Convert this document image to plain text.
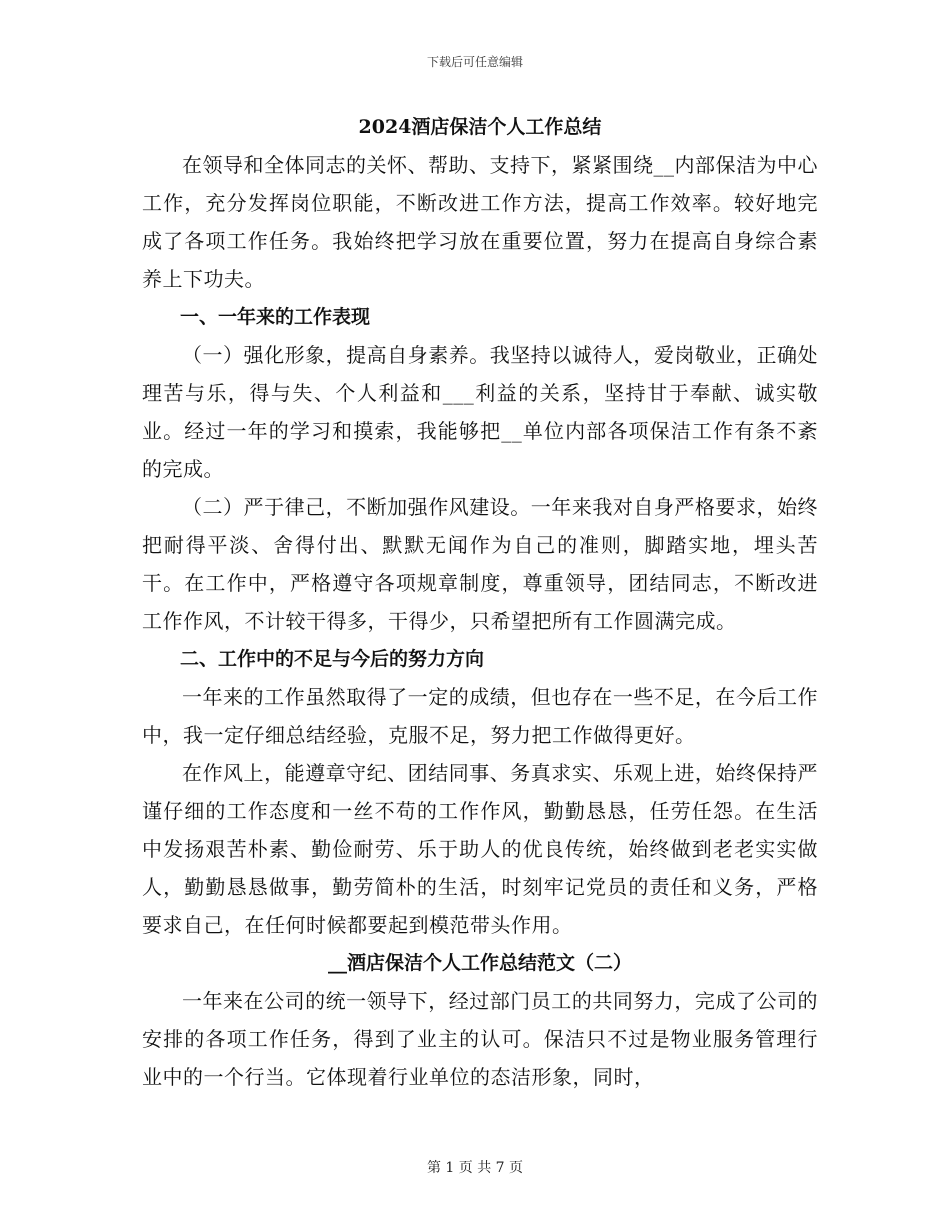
下载后可任意编辑

2024酒店保洁个人工作总结

在领导和全体同志的关怀、帮助、支持下，紧紧围绕__内部保洁为中心工作，充分发挥岗位职能，不断改进工作方法，提高工作效率。较好地完成了各项工作任务。我始终把学习放在重要位置，努力在提高自身综合素养上下功夫。

一、一年来的工作表现

（一）强化形象，提高自身素养。我坚持以诚待人，爱岗敬业，正确处理苦与乐，得与失、个人利益和___利益的关系，坚持甘于奉献、诚实敬业。经过一年的学习和摸索，我能够把__单位内部各项保洁工作有条不紊的完成。

（二）严于律己，不断加强作风建设。一年来我对自身严格要求，始终把耐得平淡、舍得付出、默默无闻作为自己的准则，脚踏实地，埋头苦干。在工作中，严格遵守各项规章制度，尊重领导，团结同志，不断改进工作作风，不计较干得多，干得少，只希望把所有工作圆满完成。

二、工作中的不足与今后的努力方向

一年来的工作虽然取得了一定的成绩，但也存在一些不足，在今后工作中，我一定仔细总结经验，克服不足，努力把工作做得更好。

在作风上，能遵章守纪、团结同事、务真求实、乐观上进，始终保持严谨仔细的工作态度和一丝不苟的工作作风，勤勤恳恳，任劳任怨。在生活中发扬艰苦朴素、勤俭耐劳、乐于助人的优良传统，始终做到老老实实做人，勤勤恳恳做事，勤劳简朴的生活，时刻牢记党员的责任和义务，严格要求自己，在任何时候都要起到模范带头作用。

__酒店保洁个人工作总结范文（二）

一年来在公司的统一领导下，经过部门员工的共同努力，完成了公司的安排的各项工作任务，得到了业主的认可。保洁只不过是物业服务管理行业中的一个行当。它体现着行业单位的态洁形象，同时，

第 1 页 共 7 页
